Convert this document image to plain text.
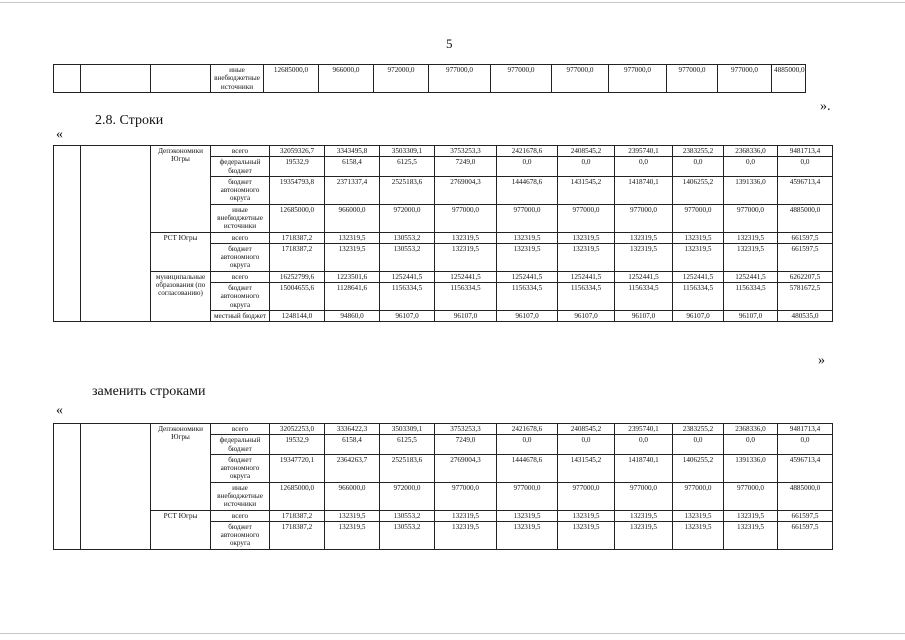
5
			иные внебюджетные источники	12685000,0	966000,0	972000,0	977000,0	977000,0	977000,0	977000,0	977000,0	977000,0	4885000,0
».
2.8. Строки
«
		Депэкономики Югры	всего	32059326,7	3343495,8	3503309,1	3753253,3	2421678,6	2408545,2	2395740,1	2383255,2	2368336,0	9481713,4
			федеральный бюджет	19532,9	6158,4	6125,5	7249,0	0,0	0,0	0,0	0,0	0,0	0,0
			бюджет автономного округа	19354793,8	2371337,4	2525183,6	2769004,3	1444678,6	1431545,2	1418740,1	1406255,2	1391336,0	4596713,4
			иные внебюджетные источники	12685000,0	966000,0	972000,0	977000,0	977000,0	977000,0	977000,0	977000,0	977000,0	4885000,0
		РСТ Югры	всего	1718387,2	132319,5	130553,2	132319,5	132319,5	132319,5	132319,5	132319,5	132319,5	661597,5
			бюджет автономного округа	1718387,2	132319,5	130553,2	132319,5	132319,5	132319,5	132319,5	132319,5	132319,5	661597,5
		муниципальные образования (по согласованию)	всего	16252799,6	1223501,6	1252441,5	1252441,5	1252441,5	1252441,5	1252441,5	1252441,5	1252441,5	6262207,5
			бюджет автономного округа	15004655,6	1128641,6	1156334,5	1156334,5	1156334,5	1156334,5	1156334,5	1156334,5	1156334,5	5781672,5
			местный бюджет	1248144,0	94860,0	96107,0	96107,0	96107,0	96107,0	96107,0	96107,0	96107,0	480535,0
»
заменить строками
«
		Депэкономики Югры	всего	32052253,0	3336422,3	3503309,1	3753253,3	2421678,6	2408545,2	2395740,1	2383255,2	2368336,0	9481713,4
			федеральный бюджет	19532,9	6158,4	6125,5	7249,0	0,0	0,0	0,0	0,0	0,0	0,0
			бюджет автономного округа	19347720,1	2364263,7	2525183,6	2769004,3	1444678,6	1431545,2	1418740,1	1406255,2	1391336,0	4596713,4
			иные внебюджетные источники	12685000,0	966000,0	972000,0	977000,0	977000,0	977000,0	977000,0	977000,0	977000,0	4885000,0
		РСТ Югры	всего	1718387,2	132319,5	130553,2	132319,5	132319,5	132319,5	132319,5	132319,5	132319,5	661597,5
			бюджет автономного округа	1718387,2	132319,5	130553,2	132319,5	132319,5	132319,5	132319,5	132319,5	132319,5	661597,5
